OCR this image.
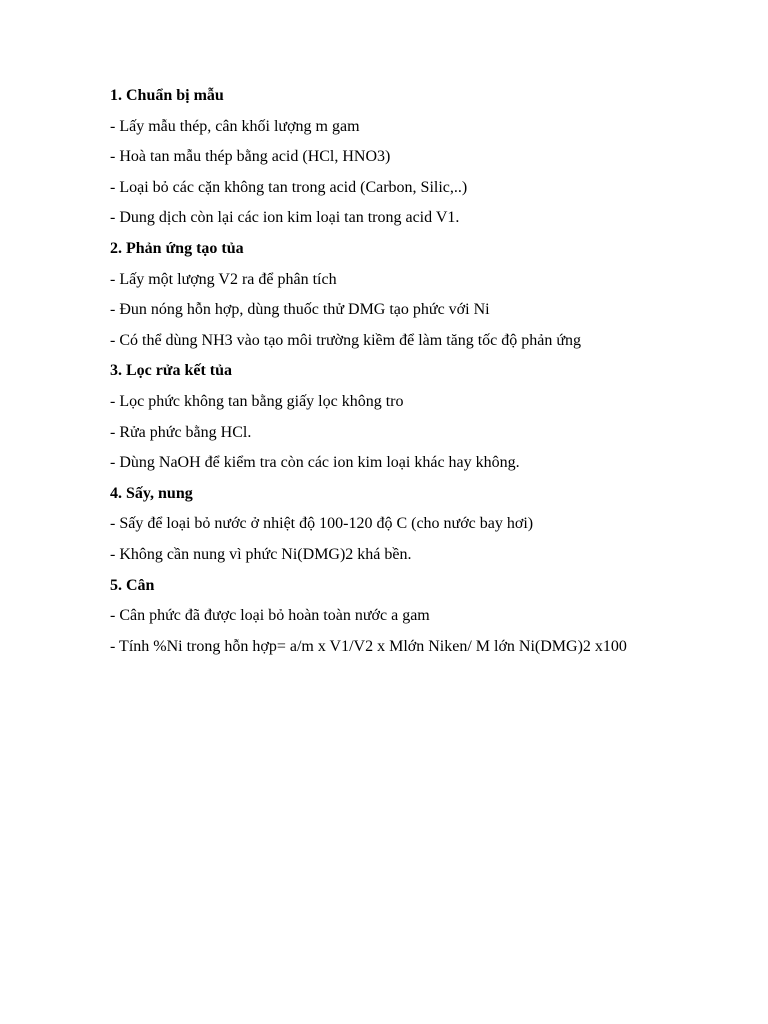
1. Chuẩn bị mẫu
- Lấy mẫu thép, cân khối lượng m gam
- Hoà tan mẫu thép bằng acid (HCl, HNO3)
- Loại bỏ các cặn không tan trong acid (Carbon, Silic,..)
- Dung dịch còn lại các ion kim loại tan trong acid V1.
2. Phản ứng tạo tủa
- Lấy một lượng V2 ra để phân tích
- Đun nóng hỗn hợp, dùng thuốc thử DMG tạo phức với Ni
- Có thể dùng NH3 vào tạo môi trường kiềm để làm tăng tốc độ phản ứng
3. Lọc rửa kết tủa
- Lọc phức không tan bằng giấy lọc không tro
- Rửa phức bằng HCl.
- Dùng NaOH để kiểm tra còn các ion kim loại khác hay không.
4. Sấy, nung
- Sấy để loại bỏ nước ở nhiệt độ 100-120 độ C (cho nước bay hơi)
- Không cần nung vì phức Ni(DMG)2 khá bền.
5. Cân
- Cân phức đã được loại bỏ hoàn toàn nước a gam
- Tính %Ni trong hỗn hợp= a/m x V1/V2 x Mlớn Niken/ M lớn Ni(DMG)2 x100
